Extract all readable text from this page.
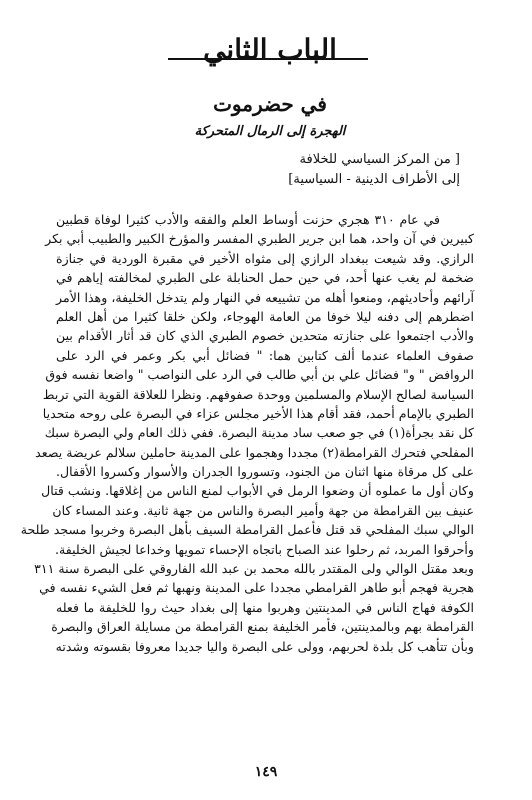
الباب الثاني
في حضرموت
الهجرة إلى الرمال المتحركة
[ من المركز السياسي للخلافة
إلى الأطراف الدينية - السياسية]
في عام ٣١٠ هجري حزنت أوساط العلم والفقه والأدب كثيرا لوفاة قطبين
كبيرين في آن واحد، هما ابن جرير الطبري المفسر والمؤرخ الكبير والطبيب أبي بكر
الرازي. وقد شيعت ببغداد الرازي إلى مثواه الأخير في مقبرة الوردية في جنازة
ضخمة لم يغب عنها أحد، في حين حمل الحنابلة على الطبري لمخالفته إياهم في
آرائهم وأحاديثهم، ومنعوا أهله من تشييعه في النهار ولم يتدخل الخليفة، وهذا الأمر
اضطرهم إلى دفنه ليلا خوفا من العامة الهوجاء، ولكن خلقا كثيرا من أهل العلم
والأدب اجتمعوا على جنازته متحدين خصوم الطبري الذي كان قد أثار الأقدام بين
صفوف العلماء عندما ألف كتابين هما: " فضائل أبي بكر وعمر في الرد على
الروافض " و" فضائل علي بن أبي طالب في الرد على النواصب " واضعا نفسه فوق
السياسة لصالح الإسلام والمسلمين ووحدة صفوفهم. ونظرا للعلاقة القوية التي تربط
الطبري بالإمام أحمد، فقد أقام هذا الأخير مجلس عزاء في البصرة على روحه متحديا
كل نقد بجرأة(١) في جو صعب ساد مدينة البصرة. ففي ذلك العام ولي البصرة سبك
المفلحي فتحرك القرامطة(٢) مجددا وهجموا على المدينة حاملين سلالم عريضة يصعد
على كل مرقاة منها اثنان من الجنود، وتسوروا الجدران والأسوار وكسروا الأقفال.
وكان أول ما عملوه أن وضعوا الرمل في الأبواب لمنع الناس من إغلاقها. ونشب قتال
عنيف بين القرامطة من جهة وأمير البصرة والناس من جهة ثانية. وعند المساء كان
الوالي سبك المفلحي قد قتل فأعمل القرامطة السيف بأهل البصرة وخربوا مسجد طلحة
وأحرقوا المربد، ثم رحلوا عند الصباح باتجاه الإحساء تمويها وخداعا لجيش الخليفة.
وبعد مقتل الوالي ولى المقتدر بالله محمد بن عبد الله الفاروقي على البصرة سنة ٣١١
هجرية فهجم أبو طاهر القرامطي مجددا على المدينة ونهبها ثم فعل الشيء نفسه في
الكوفة فهاج الناس في المدينتين وهربوا منها إلى بغداد حيث روا للخليفة ما فعله
القرامطة بهم وبالمدينتين، فأمر الخليفة بمنع القرامطة من مسايلة العراق والبصرة
وبأن تتأهب كل بلدة لحربهم، وولى على البصرة واليا جديدا معروفا بقسوته وشدته
١٤٩
